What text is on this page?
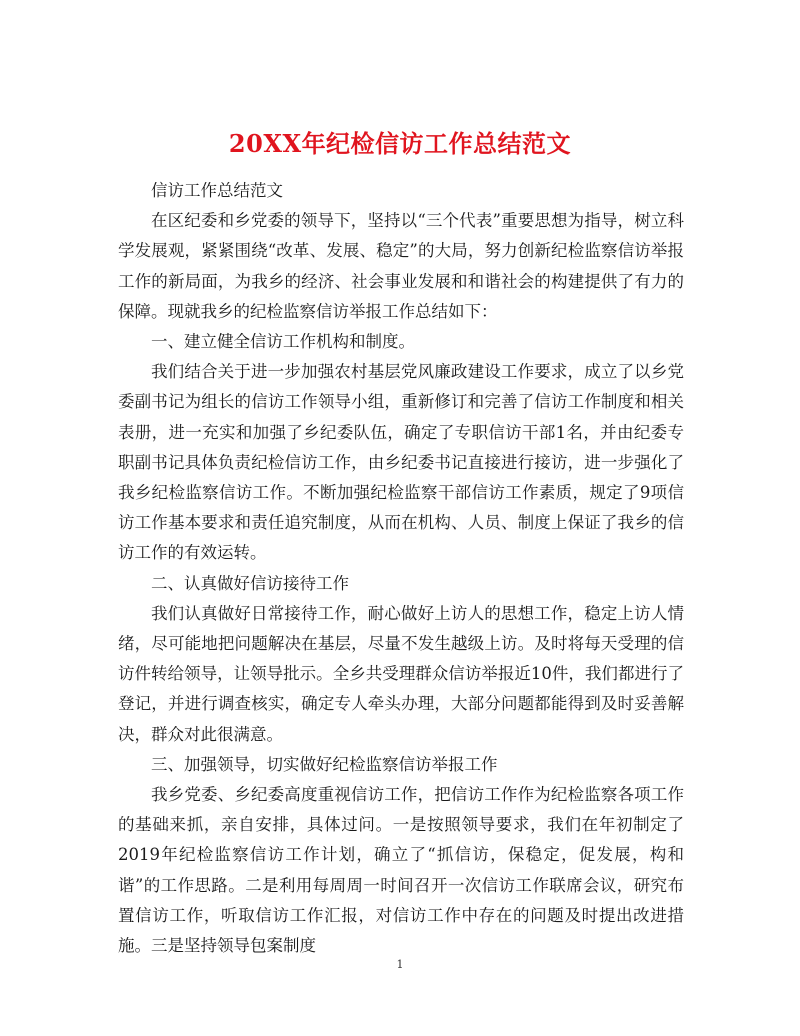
20XX年纪检信访工作总结范文

信访工作总结范文

在区纪委和乡党委的领导下，坚持以“三个代表”重要思想为指导，树立科学发展观，紧紧围绕“改革、发展、稳定”的大局，努力创新纪检监察信访举报工作的新局面，为我乡的经济、社会事业发展和和谐社会的构建提供了有力的保障。现就我乡的纪检监察信访举报工作总结如下：

一、建立健全信访工作机构和制度。

我们结合关于进一步加强农村基层党风廉政建设工作要求，成立了以乡党委副书记为组长的信访工作领导小组，重新修订和完善了信访工作制度和相关表册，进一充实和加强了乡纪委队伍，确定了专职信访干部1名，并由纪委专职副书记具体负责纪检信访工作，由乡纪委书记直接进行接访，进一步强化了我乡纪检监察信访工作。不断加强纪检监察干部信访工作素质，规定了9项信访工作基本要求和责任追究制度，从而在机构、人员、制度上保证了我乡的信访工作的有效运转。

二、认真做好信访接待工作

我们认真做好日常接待工作，耐心做好上访人的思想工作，稳定上访人情绪，尽可能地把问题解决在基层，尽量不发生越级上访。及时将每天受理的信访件转给领导，让领导批示。全乡共受理群众信访举报近10件，我们都进行了登记，并进行调查核实，确定专人牵头办理，大部分问题都能得到及时妥善解决，群众对此很满意。

三、加强领导，切实做好纪检监察信访举报工作

我乡党委、乡纪委高度重视信访工作，把信访工作作为纪检监察各项工作的基础来抓，亲自安排，具体过问。一是按照领导要求，我们在年初制定了2019年纪检监察信访工作计划，确立了“抓信访，保稳定，促发展，构和谐”的工作思路。二是利用每周周一时间召开一次信访工作联席会议，研究布置信访工作，听取信访工作汇报，对信访工作中存在的问题及时提出改进措施。三是坚持领导包案制度

1
